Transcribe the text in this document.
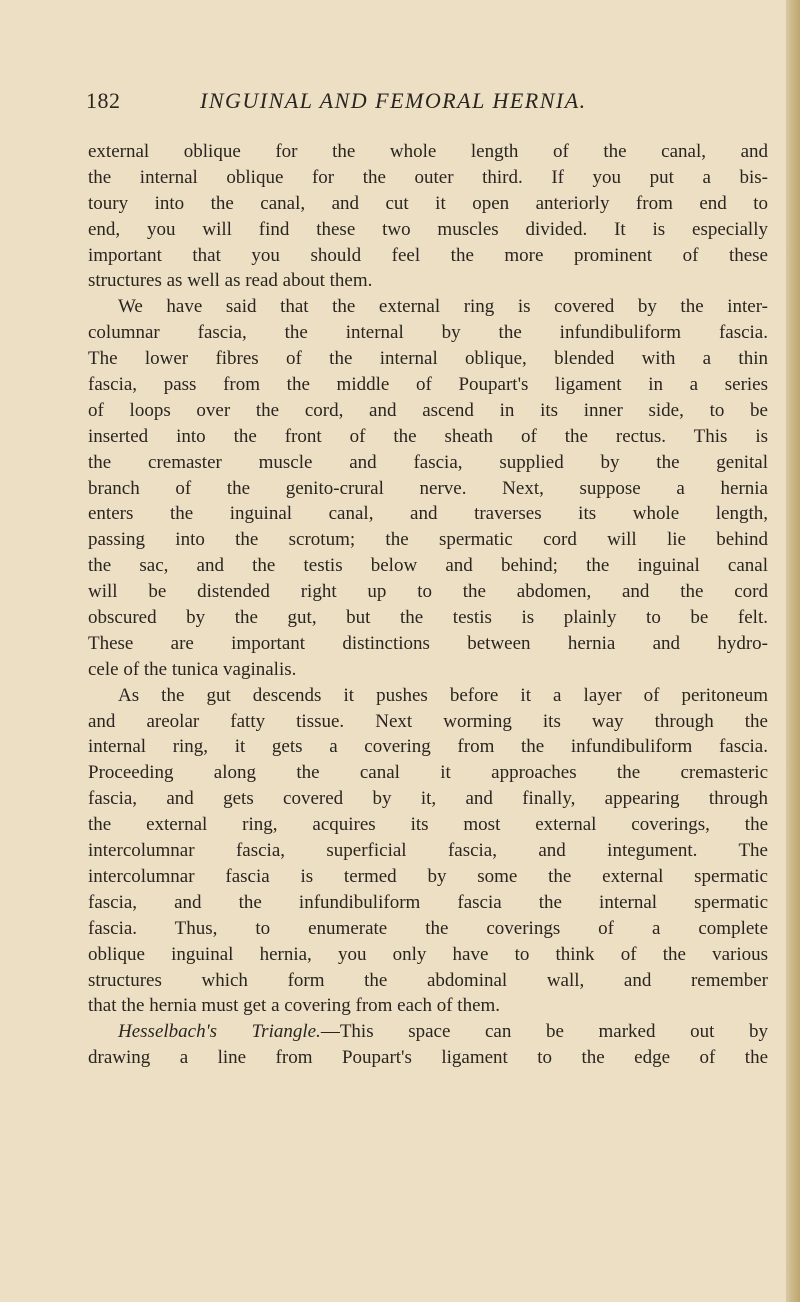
182	INGUINAL AND FEMORAL HERNIA.
external oblique for the whole length of the canal, and
the internal oblique for the outer third. If you put a bis-
toury into the canal, and cut it open anteriorly from end to
end, you will find these two muscles divided. It is especially
important that you should feel the more prominent of these
structures as well as read about them.
We have said that the external ring is covered by the inter-
columnar fascia, the internal by the infundibuliform fascia.
The lower fibres of the internal oblique, blended with a thin
fascia, pass from the middle of Poupart's ligament in a series
of loops over the cord, and ascend in its inner side, to be
inserted into the front of the sheath of the rectus. This is
the cremaster muscle and fascia, supplied by the genital
branch of the genito-crural nerve. Next, suppose a hernia
enters the inguinal canal, and traverses its whole length,
passing into the scrotum; the spermatic cord will lie behind
the sac, and the testis below and behind; the inguinal canal
will be distended right up to the abdomen, and the cord
obscured by the gut, but the testis is plainly to be felt.
These are important distinctions between hernia and hydro-
cele of the tunica vaginalis.
As the gut descends it pushes before it a layer of peritoneum
and areolar fatty tissue. Next worming its way through the
internal ring, it gets a covering from the infundibuliform fascia.
Proceeding along the canal it approaches the cremasteric
fascia, and gets covered by it, and finally, appearing through
the external ring, acquires its most external coverings, the
intercolumnar fascia, superficial fascia, and integument. The
intercolumnar fascia is termed by some the external spermatic
fascia, and the infundibuliform fascia the internal spermatic
fascia. Thus, to enumerate the coverings of a complete
oblique inguinal hernia, you only have to think of the various
structures which form the abdominal wall, and remember
that the hernia must get a covering from each of them.
Hesselbach's Triangle.—This space can be marked out by
drawing a line from Poupart's ligament to the edge of the
